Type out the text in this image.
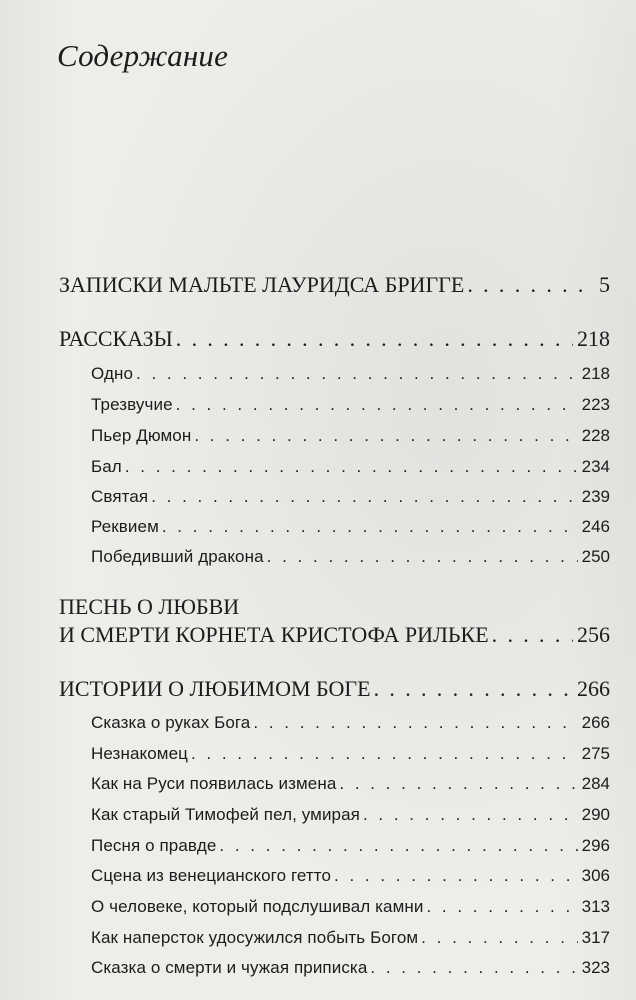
Содержание
ЗАПИСКИ МАЛЬТЕ ЛАУРИДСА БРИГГЕ . . .	5
РАССКАЗЫ . . .	218
Одно . . .	218
Трезвучие . . .	223
Пьер Дюмон . . .	228
Бал . . .	234
Святая . . .	239
Реквием . . .	246
Победивший дракона . . .	250
ПЕСНЬ О ЛЮБВИ
И СМЕРТИ КОРНЕТА КРИСТОФА РИЛЬКЕ . . .	256
ИСТОРИИ О ЛЮБИМОМ БОГЕ . . .	266
Сказка о руках Бога . . .	266
Незнакомец . . .	275
Как на Руси появилась измена . . .	284
Как старый Тимофей пел, умирая . . .	290
Песня о правде . . .	296
Сцена из венецианского гетто . . .	306
О человеке, который подслушивал камни . . .	313
Как наперсток удосужился побыть Богом . . .	317
Сказка о смерти и чужая приписка . . .	323
